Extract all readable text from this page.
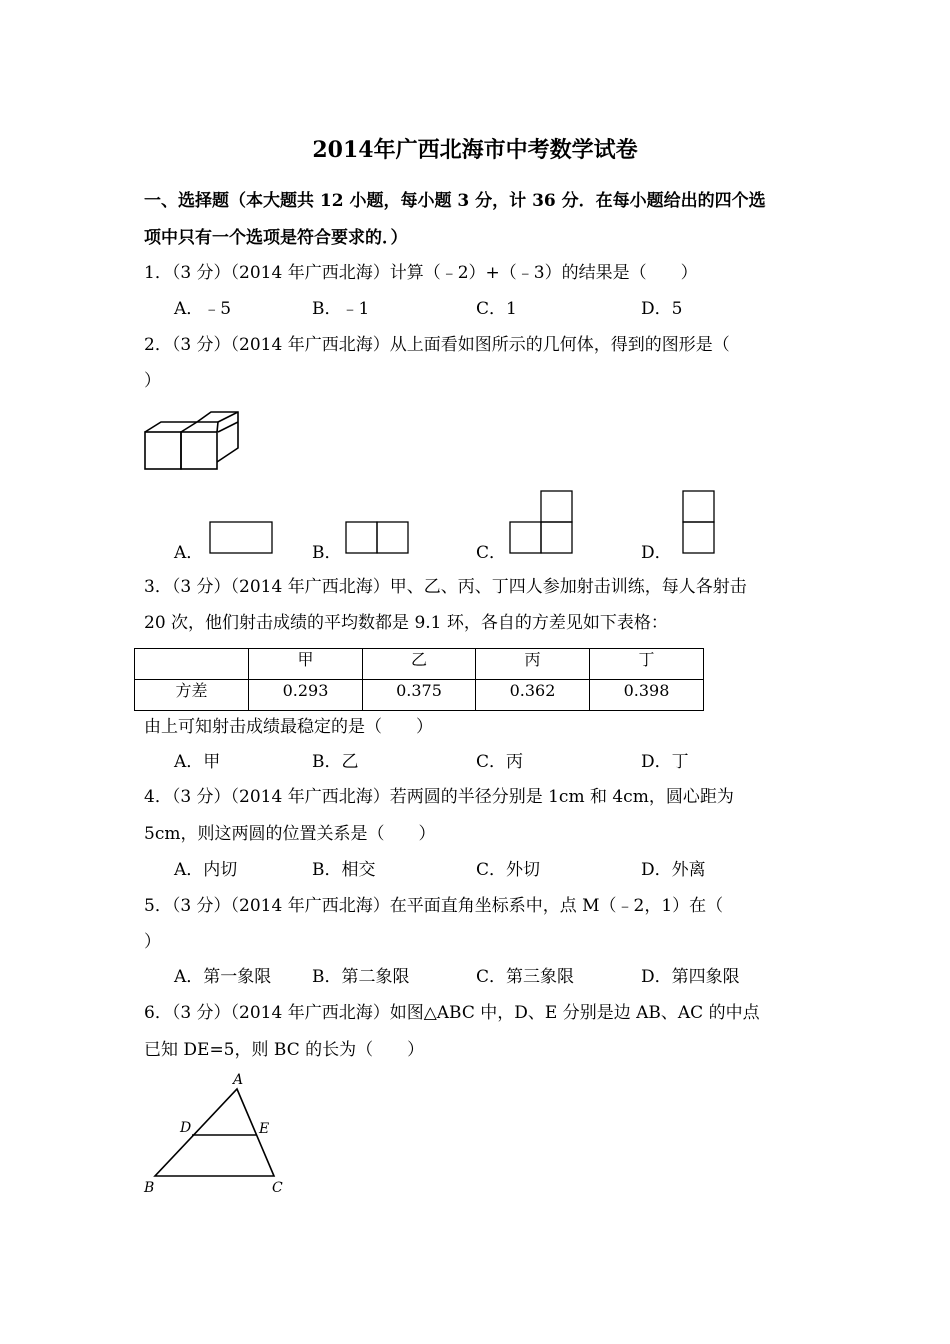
2014年广西北海市中考数学试卷
一、选择题（本大题共 12 小题，每小题 3 分，计 36 分．在每小题给出的四个选
项中只有一个选项是符合要求的．）
1．（3 分）（2014 年广西北海）计算（﹣2）+（﹣3）的结果是（　　）
A．﹣5	B．﹣1	C．1	D．5
2．（3 分）（2014 年广西北海）从上面看如图所示的几何体，得到的图形是（
）
A．	B．	C．	D．
3．（3 分）（2014 年广西北海）甲、乙、丙、丁四人参加射击训练，每人各射击
20 次，他们射击成绩的平均数都是 9.1 环，各自的方差见如下表格：
	甲	乙	丙	丁
方差	0.293	0.375	0.362	0.398
由上可知射击成绩最稳定的是（　　）
A．甲	B．乙	C．丙	D．丁
4．（3 分）（2014 年广西北海）若两圆的半径分别是 1cm 和 4cm，圆心距为
5cm，则这两圆的位置关系是（　　）
A．内切	B．相交	C．外切	D．外离
5．（3 分）（2014 年广西北海）在平面直角坐标系中，点 M（﹣2，1）在（
）
A．第一象限 B．第二象限	C．第三象限	D．第四象限
6．（3 分）（2014 年广西北海）如图△ABC 中，D、E 分别是边 AB、AC 的中点
已知 DE=5，则 BC 的长为（　　）
A
D	E
B	C
